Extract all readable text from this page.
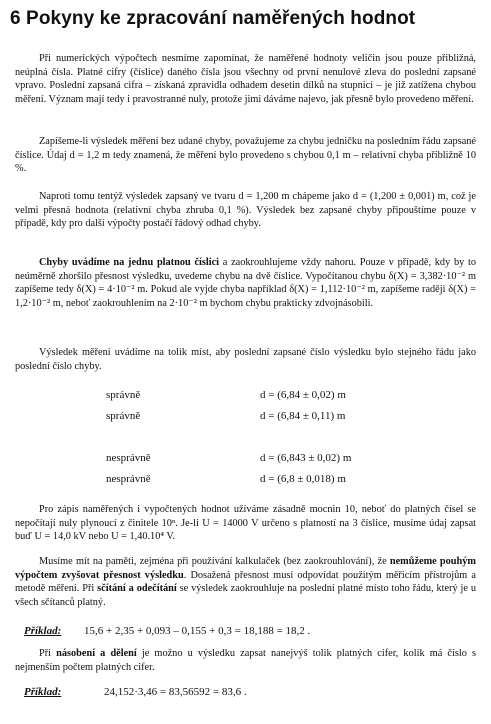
6 Pokyny ke zpracování naměřených hodnot
Při numerických výpočtech nesmíme zapomínat, že naměřené hodnoty veličin jsou pouze přibližná, neúplná čísla. Platné cifry (číslice) daného čísla jsou všechny od první nenulové zleva do poslední zapsané vpravo. Poslední zapsaná cifra – získaná zpravidla odhadem desetin dílků na stupnici – je již zatížena chybou měření. Význam mají tedy i pravostranné nuly, protože jimi dáváme najevo, jak přesně bylo provedeno měření.
Zapíšeme-li výsledek měření bez udané chyby, považujeme za chybu jedničku na posledním řádu zapsané číslice. Údaj d = 1,2 m tedy znamená, že měření bylo provedeno s chybou 0,1 m – relativní chyba přibližně 10 %.
Naproti tomu tentýž výsledek zapsaný ve tvaru d = 1,200 m chápeme jako d = (1,200 ± 0,001) m, což je velmi přesná hodnota (relativní chyba zhruba 0,1 %). Výsledek bez zapsané chyby připouštíme pouze v případě, kdy pro další výpočty postačí řádový odhad chyby.
Chyby uvádíme na jednu platnou číslici a zaokrouhlujeme vždy nahoru. Pouze v případě, kdy by to neúměrně zhoršilo přesnost výsledku, uvedeme chybu na dvě číslice. Vypočítanou chybu δ(X) = 3,382·10⁻² m zapíšeme tedy δ(X) = 4·10⁻² m. Pokud ale vyjde chyba například δ(X) = 1,112·10⁻² m, zapíšeme raději δ(X) = 1,2·10⁻² m, neboť zaokrouhlením na 2·10⁻² m bychom chybu prakticky zdvojnásobili.
Výsledek měření uvádíme na tolik míst, aby poslední zapsané číslo výsledku bylo stejného řádu jako poslední číslo chyby.
správně	d = (6,84 ± 0,02) m
správně	d = (6,84 ± 0,11) m
nesprávně	d = (6,843 ± 0,02) m
nesprávně	d = (6,8 ± 0,018) m
Pro zápis naměřených i vypočtených hodnot užíváme zásadně mocnin 10, neboť do platných čísel se nepočítají nuly plynoucí z činitele 10ⁿ. Je-li U = 14000 V určeno s platností na 3 číslice, musíme údaj zapsat buď U = 14,0 kV nebo U = 1,40.10⁴ V.
Musíme mít na paměti, zejména při používání kalkulaček (bez zaokrouhlování), že nemůžeme pouhým výpočtem zvyšovat přesnost výsledku. Dosažená přesnost musí odpovídat použitým měřicím přístrojům a metodě měření. Při sčítání a odečítání se výsledek zaokrouhluje na poslední platné místo toho řádu, který je u všech sčítanců platný.
Příklad: 15,6 + 2,35 + 0,093 – 0,155 + 0,3 = 18,188 = 18,2 .
Při násobení a dělení je možno u výsledku zapsat nanejvýš tolik platných cifer, kolik má číslo s nejmenším počtem platných cifer.
Příklad:	24,152·3,46 = 83,56592 = 83,6 .
